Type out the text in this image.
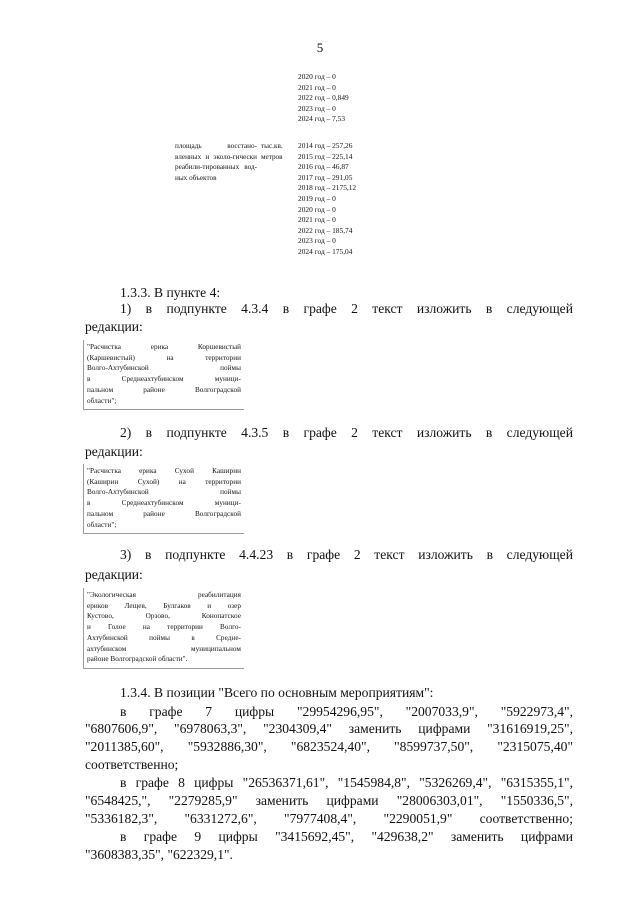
5
2020 год – 0
2021 год – 0
2022 год – 0,849
2023 год – 0
2024 год – 7,53
площадь восстано-вленных и эколо-гически реабили-тированных вод-ных объектов
тыс.кв. метров
2014 год – 257,26
2015 год – 225,14
2016 год – 46,87
2017 год – 291,05
2018 год – 2175,12
2019 год – 0
2020 год – 0
2021 год – 0
2022 год – 185,74
2023 год – 0
2024 год – 175,04
1.3.3. В пункте 4:
1) в подпункте 4.3.4 в графе 2 текст изложить в следующей
редакции:
"Расчистка ерика Коршевистый
(Каршевистый) на территории
Волго-Ахтубинской поймы
в Среднеахтубинском муници-
пальном районе Волгоградской
области";
2) в подпункте 4.3.5 в графе 2 текст изложить в следующей
редакции:
"Расчистка ерика Сухой Каширин
(Каширин Сухой) на территории
Волго-Ахтубинской поймы
в Среднеахтубинском муници-
пальном районе Волгоградской
области";
3) в подпункте 4.4.23 в графе 2 текст изложить в следующей
редакции:
"Экологическая реабилитация
ериков Лещев, Булгаков и озер
Кустово, Орзово, Конопатское
и Голое на территории Волго-
Ахтубинской поймы в Средне-
ахтубинском муниципальном
районе Волгоградской области".
1.3.4. В позиции "Всего по основным мероприятиям":
в графе 7 цифры "29954296,95", "2007033,9", "5922973,4",
"6807606,9", "6978063,3", "2304309,4" заменить цифрами "31616919,25",
"2011385,60", "5932886,30", "6823524,40", "8599737,50", "2315075,40"
соответственно;
в графе 8 цифры "26536371,61", "1545984,8", "5326269,4", "6315355,1",
"6548425,", "2279285,9" заменить цифрами "28006303,01", "1550336,5",
"5336182,3", "6331272,6", "7977408,4", "2290051,9" соответственно;
в графе 9 цифры "3415692,45", "429638,2" заменить цифрами
"3608383,35", "622329,1".
